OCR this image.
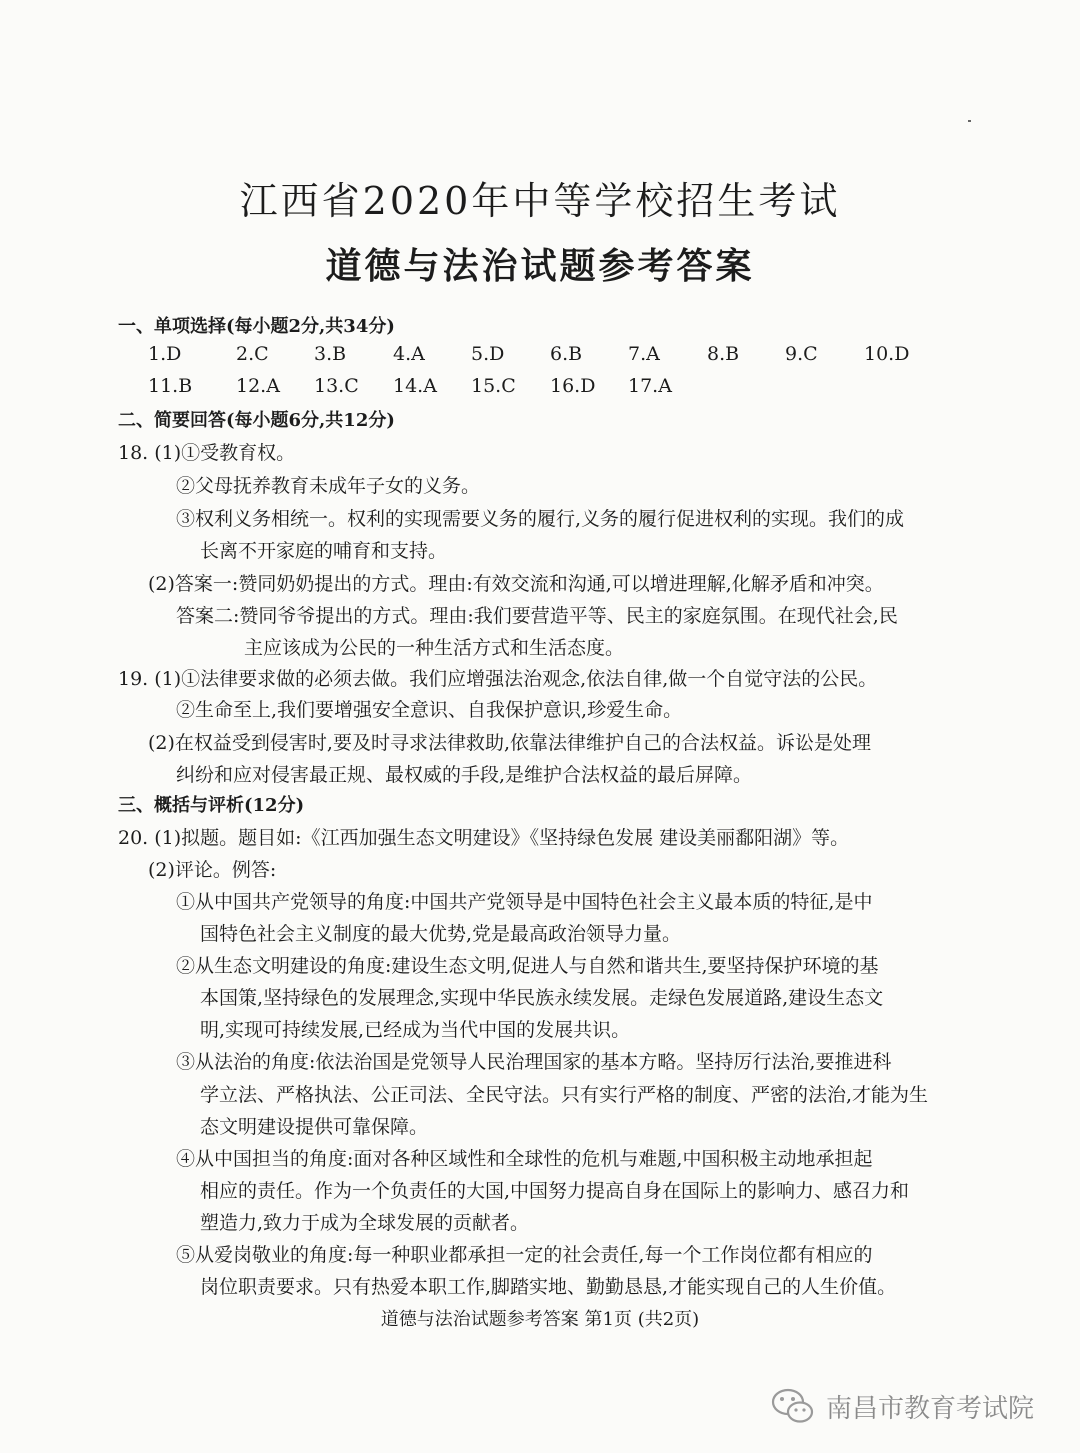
江西省2020年中等学校招生考试
道德与法治试题参考答案
一、单项选择(每小题2分,共34分)
1.D	2.C 3.B 4.A 5.D 6.B 7.A 8.B 9.C 10.D
11.B 12.A 13.C 14.A 15.C 16.D 17.A
二、简要回答(每小题6分,共12分)
18. (1)①受教育权。
②父母抚养教育未成年子女的义务。
③权利义务相统一。权利的实现需要义务的履行,义务的履行促进权利的实现。我们的成
长离不开家庭的哺育和支持。
(2)答案一:赞同奶奶提出的方式。理由:有效交流和沟通,可以增进理解,化解矛盾和冲突。
答案二:赞同爷爷提出的方式。理由:我们要营造平等、民主的家庭氛围。在现代社会,民
主应该成为公民的一种生活方式和生活态度。
19. (1)①法律要求做的必须去做。我们应增强法治观念,依法自律,做一个自觉守法的公民。
②生命至上,我们要增强安全意识、自我保护意识,珍爱生命。
(2)在权益受到侵害时,要及时寻求法律救助,依靠法律维护自己的合法权益。诉讼是处理
纠纷和应对侵害最正规、最权威的手段,是维护合法权益的最后屏障。
三、概括与评析(12分)
20. (1)拟题。题目如:《江西加强生态文明建设》《坚持绿色发展 建设美丽鄱阳湖》等。
(2)评论。例答:
①从中国共产党领导的角度:中国共产党领导是中国特色社会主义最本质的特征,是中
国特色社会主义制度的最大优势,党是最高政治领导力量。
②从生态文明建设的角度:建设生态文明,促进人与自然和谐共生,要坚持保护环境的基
本国策,坚持绿色的发展理念,实现中华民族永续发展。走绿色发展道路,建设生态文
明,实现可持续发展,已经成为当代中国的发展共识。
③从法治的角度:依法治国是党领导人民治理国家的基本方略。坚持厉行法治,要推进科
学立法、严格执法、公正司法、全民守法。只有实行严格的制度、严密的法治,才能为生
态文明建设提供可靠保障。
④从中国担当的角度:面对各种区域性和全球性的危机与难题,中国积极主动地承担起
相应的责任。作为一个负责任的大国,中国努力提高自身在国际上的影响力、感召力和
塑造力,致力于成为全球发展的贡献者。
⑤从爱岗敬业的角度:每一种职业都承担一定的社会责任,每一个工作岗位都有相应的
岗位职责要求。只有热爱本职工作,脚踏实地、勤勤恳恳,才能实现自己的人生价值。
道德与法治试题参考答案 第1页 (共2页)
南昌市教育考试院
